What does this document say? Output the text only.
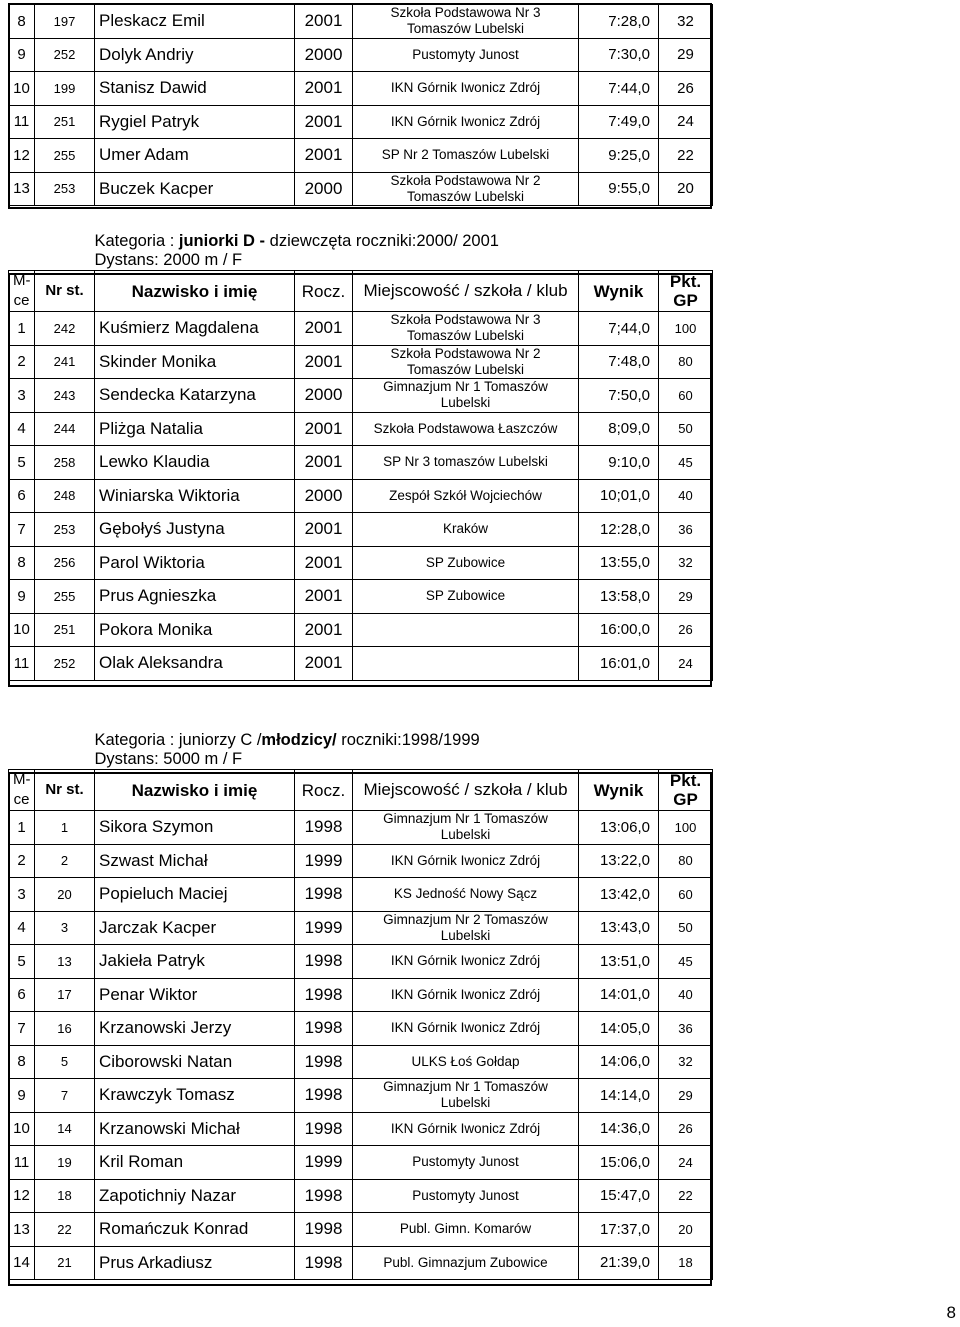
8	197	Pleskacz Emil	2001	Szkoła Podstawowa Nr 3 Tomaszów Lubelski	7:28,0	32
9	252	Dolyk Andriy	2000	Pustomyty Junost	7:30,0	29
10	199	Stanisz Dawid	2001	IKN Górnik Iwonicz Zdrój	7:44,0	26
11	251	Rygiel Patryk	2001	IKN Górnik Iwonicz Zdrój	7:49,0	24
12	255	Umer Adam	2001	SP Nr 2 Tomaszów Lubelski	9:25,0	22
13	253	Buczek Kacper	2000	Szkoła Podstawowa Nr 2 Tomaszów Lubelski	9:55,0	20
Kategoria : juniorki D - dziewczęta roczniki:2000/ 2001
Dystans: 2000 m / F						

M-ce	Nr st.	Nazwisko i imię	Rocz.	Miejscowość / szkoła / klub	Wynik	Pkt. GP
1	242	Kuśmierz Magdalena	2001	Szkoła Podstawowa Nr 3 Tomaszów Lubelski	7;44,0	100
2	241	Skinder Monika	2001	Szkoła Podstawowa Nr 2 Tomaszów Lubelski	7:48,0	80
3	243	Sendecka Katarzyna	2000	Gimnazjum Nr 1 Tomaszów Lubelski	7:50,0	60
4	244	Pliżga Natalia	2001	Szkoła Podstawowa Łaszczów	8;09,0	50
5	258	Lewko Klaudia	2001	SP Nr 3 tomaszów Lubelski	9:10,0	45
6	248	Winiarska Wiktoria	2000	Zespół Szkół Wojciechów	10;01,0	40
7	253	Gębołyś Justyna	2001	Kraków	12:28,0	36
8	256	Parol Wiktoria	2001	SP Zubowice	13:55,0	32
9	255	Prus Agnieszka	2001	SP Zubowice	13:58,0	29
10	251	Pokora Monika	2001		16:00,0	26
11	252	Olak Aleksandra	2001		16:01,0	24
Kategoria : juniorzy C /młodzicy/ roczniki:1998/1999
Dystans: 5000 m / F						

M-ce	Nr st.	Nazwisko i imię	Rocz.	Miejscowość / szkoła / klub	Wynik	Pkt. GP
1	1	Sikora Szymon	1998	Gimnazjum Nr 1 Tomaszów Lubelski	13:06,0	100
2	2	Szwast Michał	1999	IKN Górnik Iwonicz Zdrój	13:22,0	80
3	20	Popieluch Maciej	1998	KS Jedność Nowy Sącz	13:42,0	60
4	3	Jarczak Kacper	1999	Gimnazjum Nr 2 Tomaszów Lubelski	13:43,0	50
5	13	Jakieła Patryk	1998	IKN Górnik Iwonicz Zdrój	13:51,0	45
6	17	Penar Wiktor	1998	IKN Górnik Iwonicz Zdrój	14:01,0	40
7	16	Krzanowski Jerzy	1998	IKN Górnik Iwonicz Zdrój	14:05,0	36
8	5	Ciborowski Natan	1998	ULKS Łoś Gołdap	14:06,0	32
9	7	Krawczyk Tomasz	1998	Gimnazjum Nr 1 Tomaszów Lubelski	14:14,0	29
10	14	Krzanowski Michał	1998	IKN Górnik Iwonicz Zdrój	14:36,0	26
11	19	Kril Roman	1999	Pustomyty Junost	15:06,0	24
12	18	Zapotichniy Nazar	1998	Pustomyty Junost	15:47,0	22
13	22	Romańczuk Konrad	1998	Publ. Gimn. Komarów	17:37,0	20
14	21	Prus Arkadiusz	1998	Publ. Gimnazjum Zubowice	21:39,0	18
8
